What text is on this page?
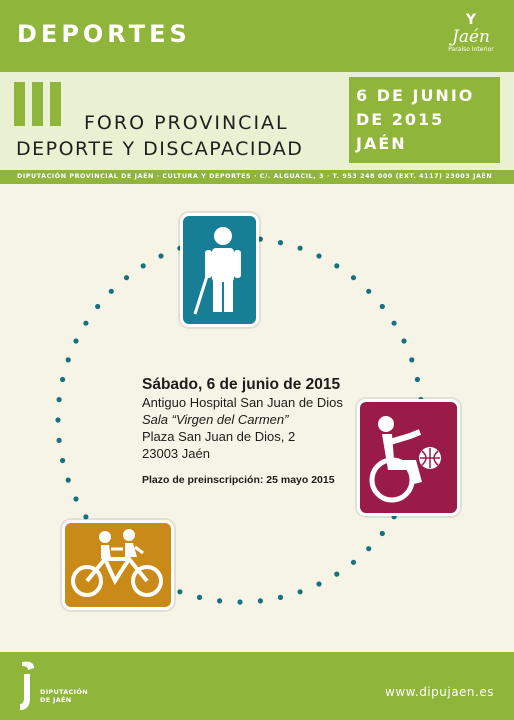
DEPORTES	Y
Jaén
Paraíso Interior
FORO PROVINCIAL
DEPORTE Y DISCAPACIDAD
6 DE JUNIO
DE 2015
JAÉN
DIPUTACIÓN PROVINCIAL DE JAÉN · CULTURA Y DEPORTES · C/. ALGUACIL, 3 · T. 953 248 000 (EXT. 4117) 23003 JAÉN
Sábado, 6 de junio de 2015
Antiguo Hospital San Juan de Dios
Sala “Virgen del Carmen”
Plaza San Juan de Dios, 2
23003 Jaén
Plazo de preinscripción: 25 mayo 2015
DIPUTACIÓN
DE JAÉN
www.dipujaen.es
